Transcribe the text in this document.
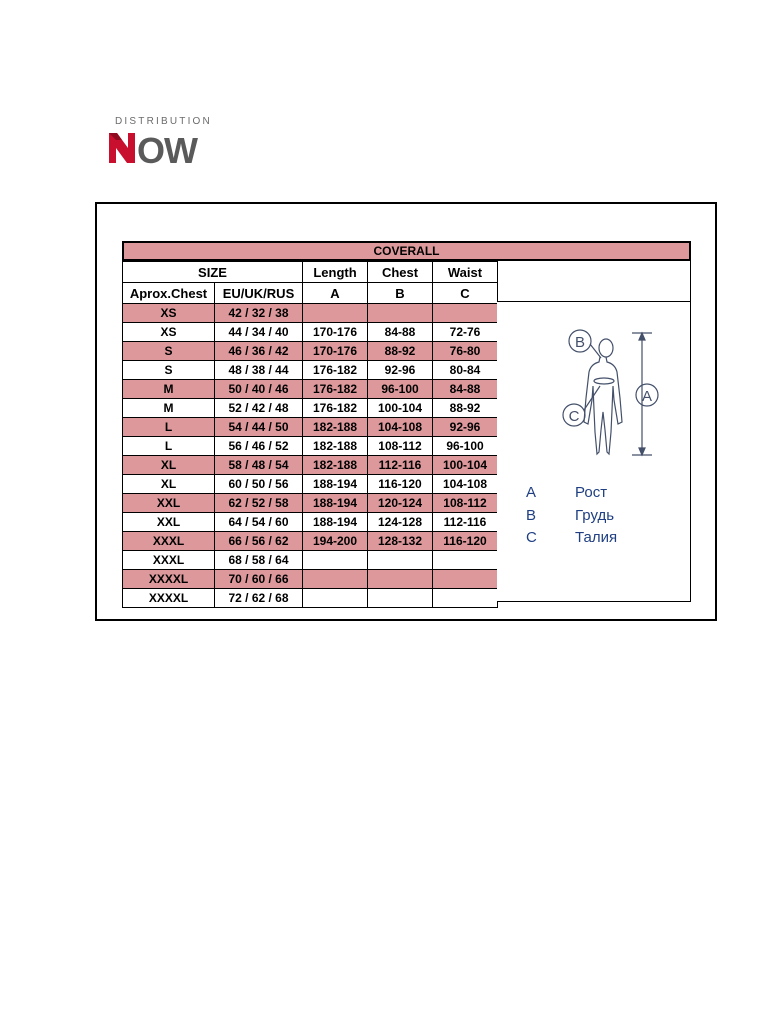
DISTRIBUTION
OW
COVERALL
SIZE		Length	Chest	Waist
Aprox.Chest	EU/UK/RUS	A	B	C
XS	42 / 32 / 38			
XS	44 / 34 / 40	170-176	84-88	72-76
S	46 / 36 / 42	170-176	88-92	76-80
S	48 / 38 / 44	176-182	92-96	80-84
M	50 / 40 / 46	176-182	96-100	84-88
M	52 / 42 / 48	176-182	100-104	88-92
L	54 / 44 / 50	182-188	104-108	92-96
L	56 / 46 / 52	182-188	108-112	96-100
XL	58 / 48 / 54	182-188	112-116	100-104
XL	60 / 50 / 56	188-194	116-120	104-108
XXL	62 / 52 / 58	188-194	120-124	108-112
XXL	64 / 54 / 60	188-194	124-128	112-116
XXXL	66 / 56 / 62	194-200	128-132	116-120
XXXL	68 / 58 / 64			
XXXXL	70 / 60 / 66			
XXXXL	72 / 62 / 68			
B
A
C
A	Рост
B	Грудь
C	Талия
